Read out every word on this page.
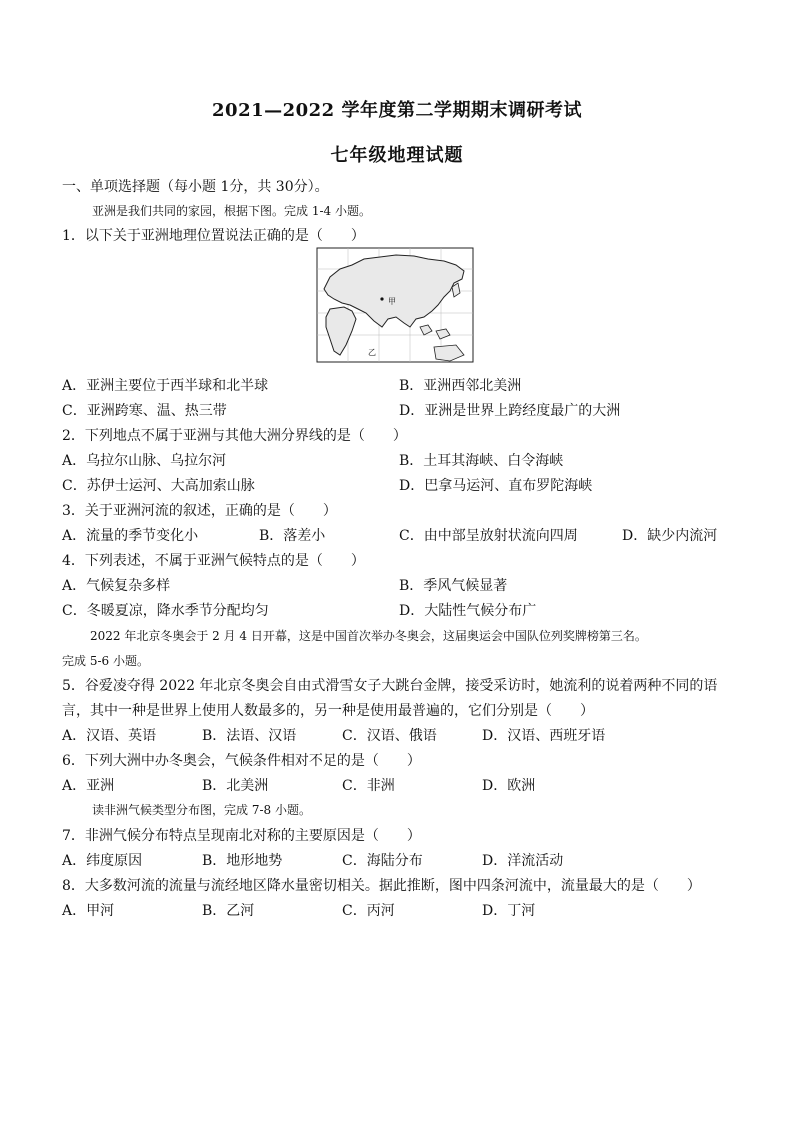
2021—2022 学年度第二学期期末调研考试
七年级地理试题
一、单项选择题（每小题 1分，共 30分）。
亚洲是我们共同的家园，根据下图。完成 1-4 小题。
1．以下关于亚洲地理位置说法正确的是（　　）
甲
乙
A．亚洲主要位于西半球和北半球	B．亚洲西邻北美洲
C．亚洲跨寒、温、热三带	D．亚洲是世界上跨经度最广的大洲
2．下列地点不属于亚洲与其他大洲分界线的是（　　）
A．乌拉尔山脉、乌拉尔河	B．土耳其海峡、白令海峡
C．苏伊士运河、大高加索山脉	D．巴拿马运河、直布罗陀海峡
3．关于亚洲河流的叙述，正确的是（　　）
A．流量的季节变化小	B．落差小	C．由中部呈放射状流向四周	D．缺少内流河
4．下列表述，不属于亚洲气候特点的是（　　）
A．气候复杂多样	B．季风气候显著
C．冬暖夏凉，降水季节分配均匀	D．大陆性气候分布广
2022 年北京冬奥会于 2 月 4 日开幕，这是中国首次举办冬奥会，这届奥运会中国队位列奖牌榜第三名。
完成 5-6 小题。
5．谷爱凌夺得 2022 年北京冬奥会自由式滑雪女子大跳台金牌，接受采访时，她流利的说着两种不同的语
言，其中一种是世界上使用人数最多的，另一种是使用最普遍的，它们分别是（　　）
A．汉语、英语	B．法语、汉语	C．汉语、俄语	D．汉语、西班牙语
6．下列大洲中办冬奥会，气候条件相对不足的是（　　）
A．亚洲	B．北美洲	C．非洲	D．欧洲
读非洲气候类型分布图，完成 7-8 小题。
7．非洲气候分布特点呈现南北对称的主要原因是（　　）
A．纬度原因	B．地形地势	C．海陆分布	D．洋流活动
8．大多数河流的流量与流经地区降水量密切相关。据此推断，图中四条河流中，流量最大的是（　　）
A．甲河	B．乙河	C．丙河	D．丁河
